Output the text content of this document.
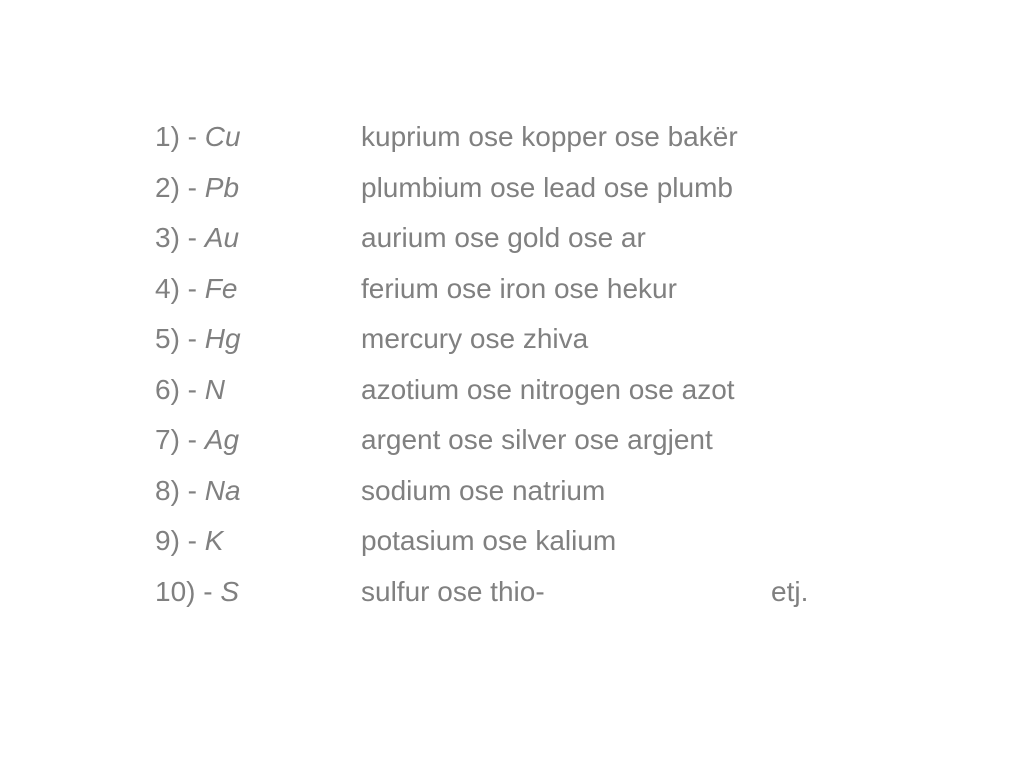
1) - Cu	kuprium ose kopper ose bakër
2) - Pb	plumbium ose lead ose plumb
3) - Au	aurium ose gold ose ar
4) - Fe	ferium ose iron ose hekur
5) - Hg	mercury ose zhiva
6) - N	azotium ose nitrogen ose azot
7) - Ag	argent ose silver ose argjent
8) - Na	sodium ose natrium
9) - K	potasium ose kalium
10) - S	sulfur ose thio-	etj.
